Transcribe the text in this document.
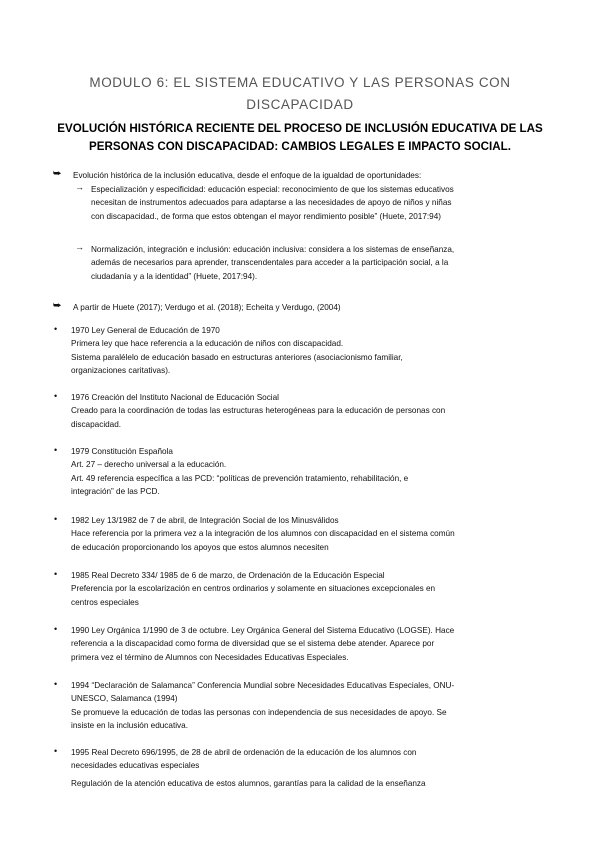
MODULO 6: EL SISTEMA EDUCATIVO Y LAS PERSONAS CON
DISCAPACIDAD
EVOLUCIÓN HISTÓRICA RECIENTE DEL PROCESO DE INCLUSIÓN EDUCATIVA DE LAS
PERSONAS CON DISCAPACIDAD: CAMBIOS LEGALES E IMPACTO SOCIAL.
⮩ Evolución histórica de la inclusión educativa, desde el enfoque de la igualdad de oportunidades:
→ Especialización y especificidad: educación especial: reconocimiento de que los sistemas educativos
necesitan de instrumentos adecuados para adaptarse a las necesidades de apoyo de niños y niñas
con discapacidad., de forma que estos obtengan el mayor rendimiento posible” (Huete, 2017:94)
→ Normalización, integración e inclusión: educación inclusiva: considera a los sistemas de enseñanza,
además de necesarios para aprender, transcendentales para acceder a la participación social, a la
ciudadanía y a la identidad” (Huete, 2017:94).
⮩ A partir de Huete (2017); Verdugo et al. (2018); Echeita y Verdugo, (2004)
• 1970 Ley General de Educación de 1970
Primera ley que hace referencia a la educación de niños con discapacidad.
Sistema paralélelo de educación basado en estructuras anteriores (asociacionismo familiar,
organizaciones caritativas).
• 1976 Creación del Instituto Nacional de Educación Social
Creado para la coordinación de todas las estructuras heterogéneas para la educación de personas con
discapacidad.
• 1979 Constitución Española
Art. 27 – derecho universal a la educación.
Art. 49 referencia específica a las PCD: “políticas de prevención tratamiento, rehabilitación, e
integración” de las PCD.
• 1982 Ley 13/1982 de 7 de abril, de Integración Social de los Minusválidos
Hace referencia por la primera vez a la integración de los alumnos con discapacidad en el sistema común
de educación proporcionando los apoyos que estos alumnos necesiten
• 1985 Real Decreto 334/ 1985 de 6 de marzo, de Ordenación de la Educación Especial
Preferencia por la escolarización en centros ordinarios y solamente en situaciones excepcionales en
centros especiales
• 1990 Ley Orgánica 1/1990 de 3 de octubre. Ley Orgánica General del Sistema Educativo (LOGSE). Hace
referencia a la discapacidad como forma de diversidad que se el sistema debe atender. Aparece por
primera vez el término de Alumnos con Necesidades Educativas Especiales.
• 1994 “Declaración de Salamanca” Conferencia Mundial sobre Necesidades Educativas Especiales, ONU-
UNESCO, Salamanca (1994)
Se promueve la educación de todas las personas con independencia de sus necesidades de apoyo. Se
insiste en la inclusión educativa.
• 1995 Real Decreto 696/1995, de 28 de abril de ordenación de la educación de los alumnos con
necesidades educativas especiales
Regulación de la atención educativa de estos alumnos, garantías para la calidad de la enseñanza
